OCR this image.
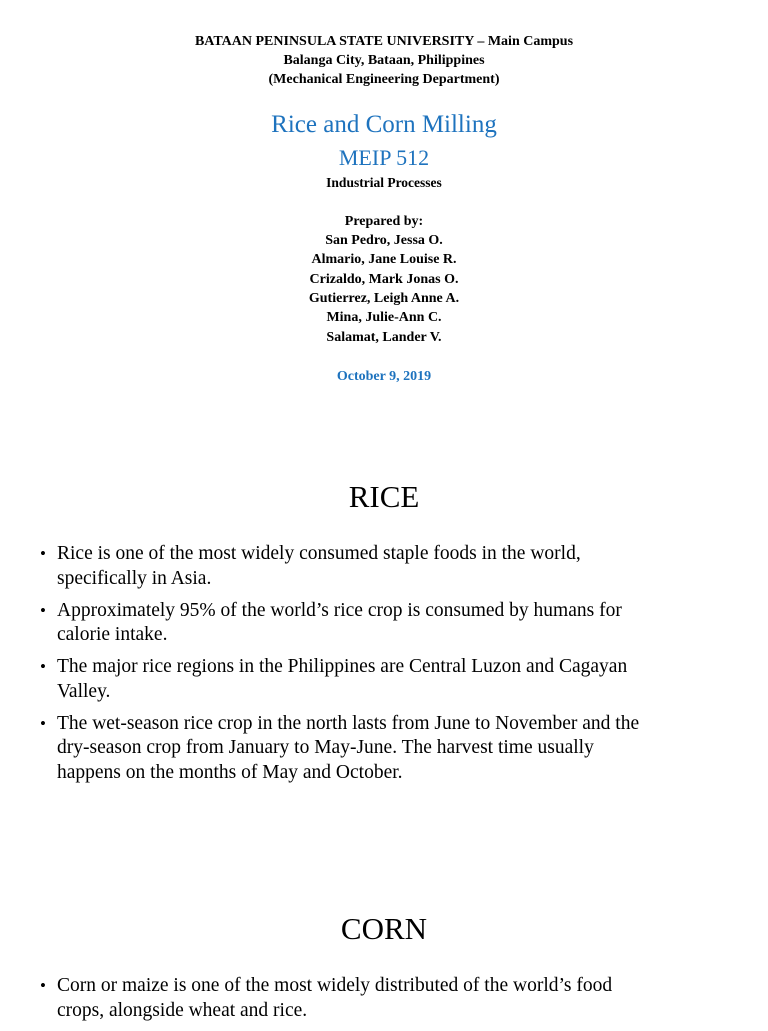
BATAAN PENINSULA STATE UNIVERSITY – Main Campus
Balanga City, Bataan, Philippines
(Mechanical Engineering Department)
Rice and Corn Milling
MEIP 512
Industrial Processes
Prepared by:
San Pedro, Jessa O.
Almario, Jane Louise R.
Crizaldo, Mark Jonas O.
Gutierrez, Leigh Anne A.
Mina, Julie-Ann C.
Salamat, Lander V.
October 9, 2019
RICE
• Rice is one of the most widely consumed staple foods in the world,
specifically in Asia.
• Approximately 95% of the world’s rice crop is consumed by humans for
calorie intake.
• The major rice regions in the Philippines are Central Luzon and Cagayan
Valley.
• The wet-season rice crop in the north lasts from June to November and the
dry-season crop from January to May-June. The harvest time usually
happens on the months of May and October.
CORN
• Corn or maize is one of the most widely distributed of the world’s food
crops, alongside wheat and rice.
